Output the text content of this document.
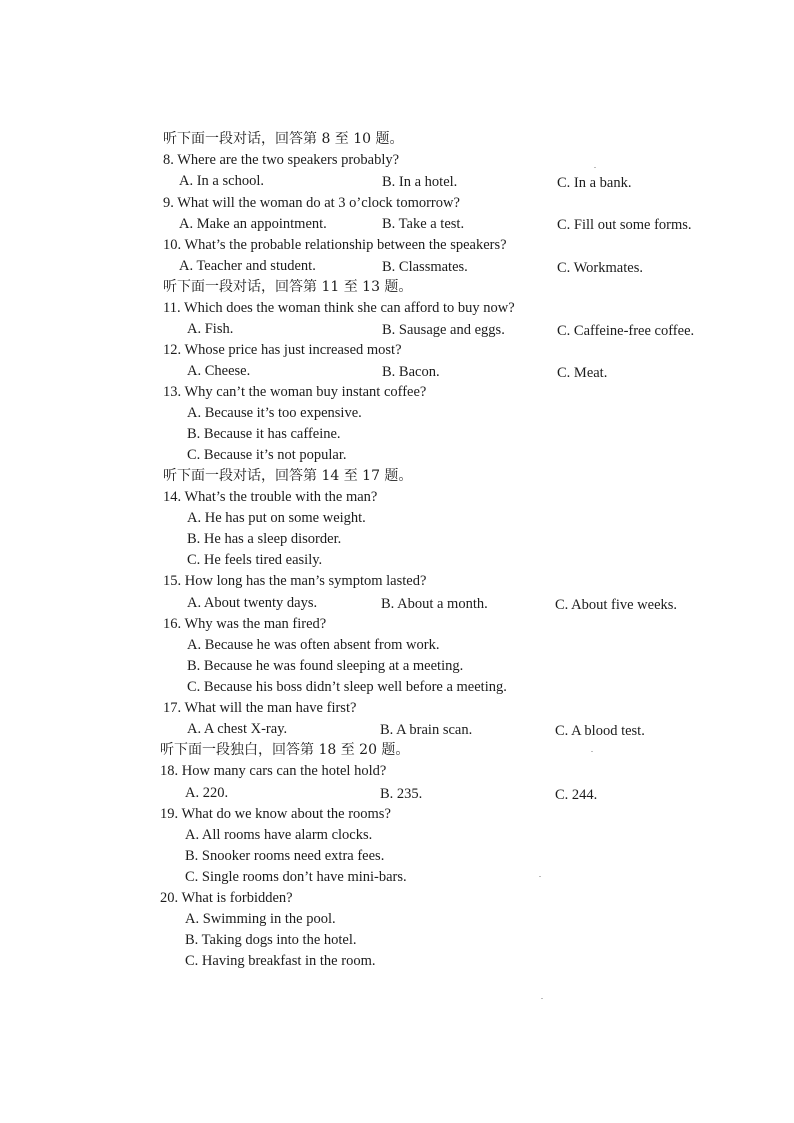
听下面一段对话，回答第 8 至 10 题。
8. Where are the two speakers probably?
A. In a school.	B. In a hotel.	C. In a bank.
9. What will the woman do at 3 o’clock tomorrow?
A. Make an appointment.	B. Take a test.	C. Fill out some forms.
10. What’s the probable relationship between the speakers?
A. Teacher and student.	B. Classmates.	C. Workmates.
听下面一段对话，回答第 11 至 13 题。
11. Which does the woman think she can afford to buy now?
A. Fish.	B. Sausage and eggs.	C. Caffeine-free coffee.
12. Whose price has just increased most?
A. Cheese.	B. Bacon.	C. Meat.
13. Why can’t the woman buy instant coffee?
A. Because it’s too expensive.
B. Because it has caffeine.
C. Because it’s not popular.
听下面一段对话，回答第 14 至 17 题。
14. What’s the trouble with the man?
A. He has put on some weight.
B. He has a sleep disorder.
C. He feels tired easily.
15. How long has the man’s symptom lasted?
A. About twenty days.	B. About a month.	C. About five weeks.
16. Why was the man fired?
A. Because he was often absent from work.
B. Because he was found sleeping at a meeting.
C. Because his boss didn’t sleep well before a meeting.
17. What will the man have first?
A. A chest X-ray.	B. A brain scan.	C. A blood test.
听下面一段独白，回答第 18 至 20 题。
18. How many cars can the hotel hold?
A. 220.	B. 235.	C. 244.
19. What do we know about the rooms?
A. All rooms have alarm clocks.
B. Snooker rooms need extra fees.
C. Single rooms don’t have mini-bars.
20. What is forbidden?
A. Swimming in the pool.
B. Taking dogs into the hotel.
C. Having breakfast in the room.
